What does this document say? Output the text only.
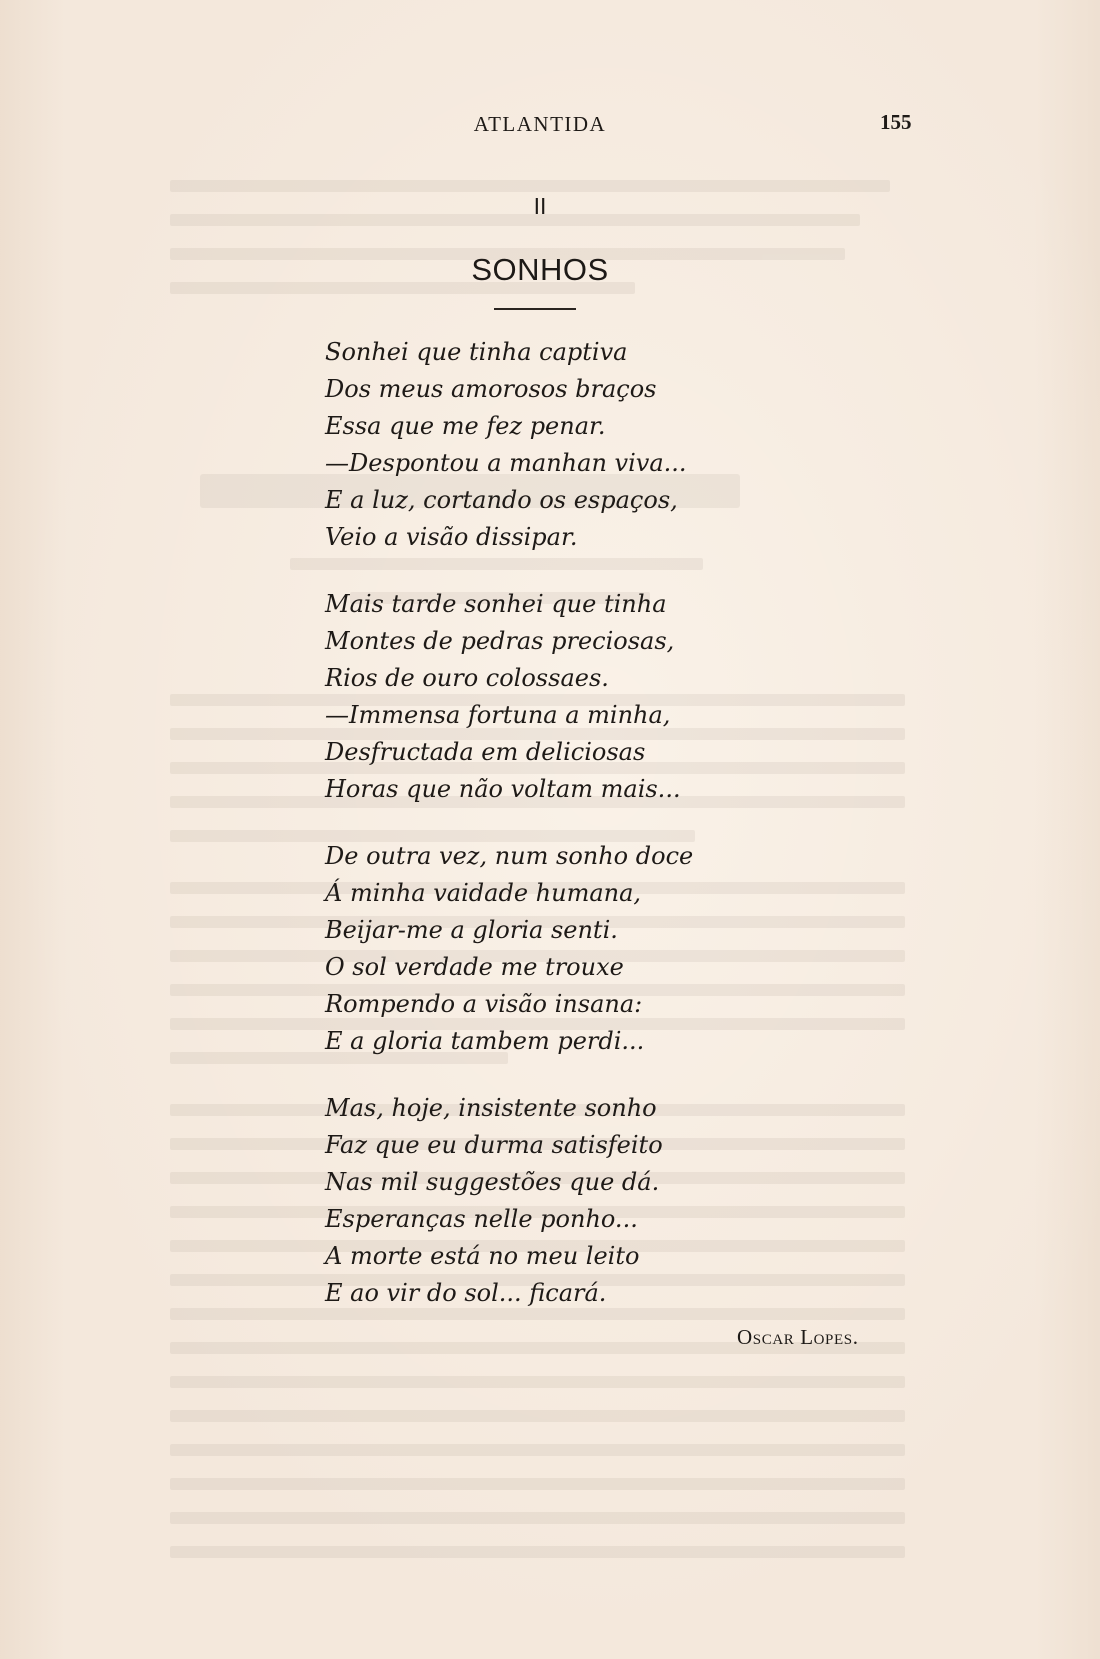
ATLANTIDA	155
II
SONHOS
Sonhei que tinha captiva
Dos meus amorosos braços
Essa que me fez penar.
—Despontou a manhan viva...
E a luz, cortando os espaços,
Veio a visão dissipar.
Mais tarde sonhei que tinha
Montes de pedras preciosas,
Rios de ouro colossaes.
—Immensa fortuna a minha,
Desfructada em deliciosas
Horas que não voltam mais...
De outra vez, num sonho doce
Á minha vaidade humana,
Beijar-me a gloria senti.
O sol verdade me trouxe
Rompendo a visão insana:
E a gloria tambem perdi...
Mas, hoje, insistente sonho
Faz que eu durma satisfeito
Nas mil suggestões que dá.
Esperanças nelle ponho...
A morte está no meu leito
E ao vir do sol... ficará.
Oscar Lopes.
